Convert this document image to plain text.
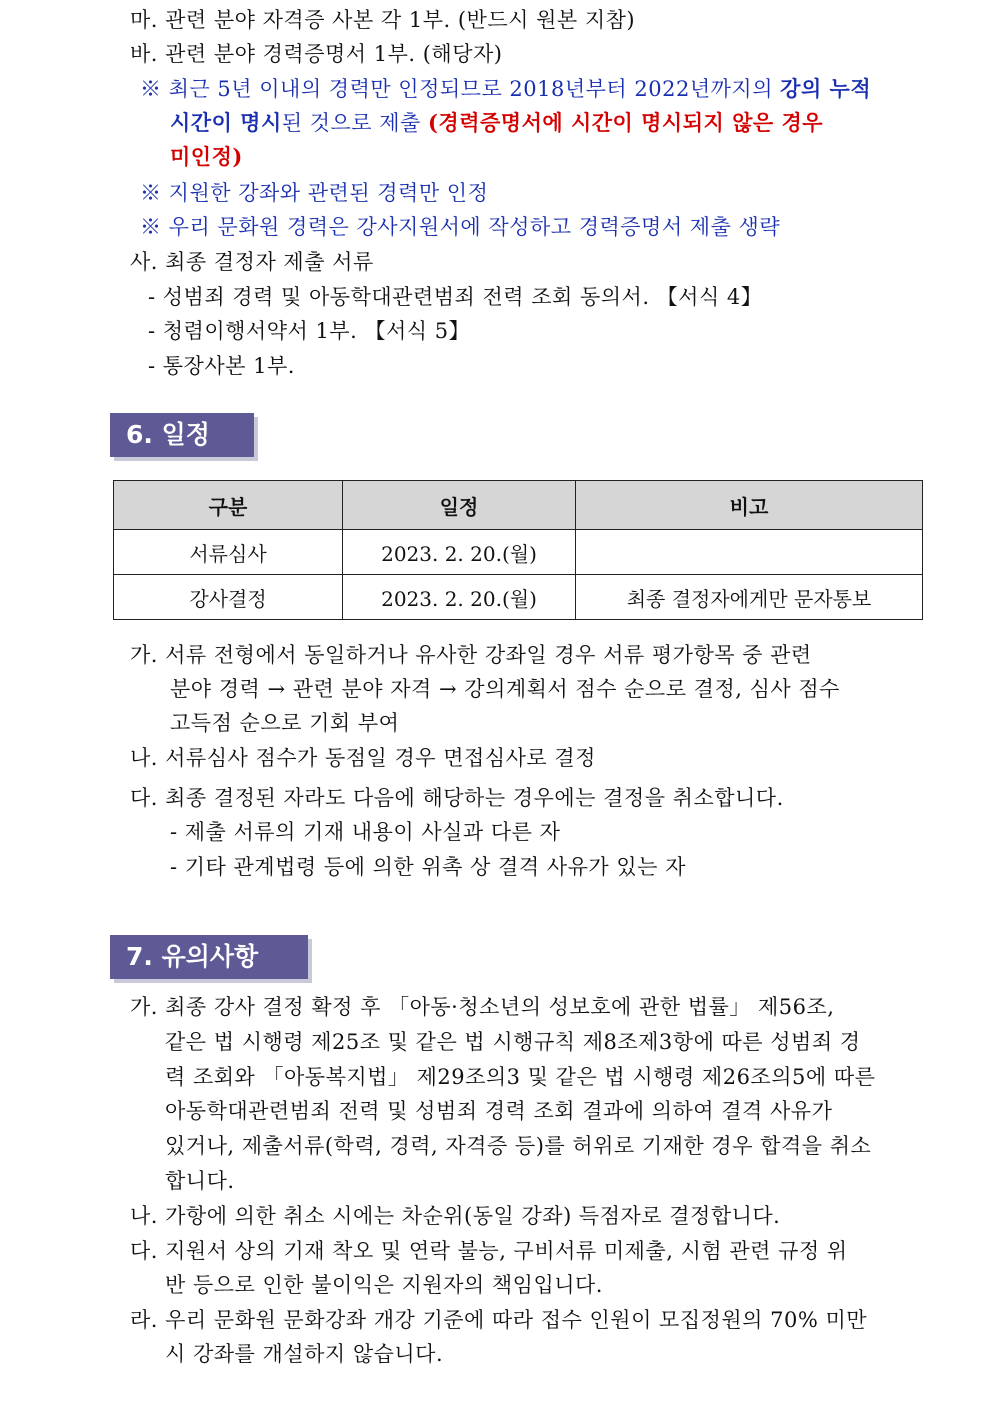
마. 관련 분야 자격증 사본 각 1부. (반드시 원본 지참)
바. 관련 분야 경력증명서 1부. (해당자)
※ 최근 5년 이내의 경력만 인정되므로 2018년부터 2022년까지의 강의 누적
시간이 명시된 것으로 제출 (경력증명서에 시간이 명시되지 않은 경우
미인정)
※ 지원한 강좌와 관련된 경력만 인정
※ 우리 문화원 경력은 강사지원서에 작성하고 경력증명서 제출 생략
사. 최종 결정자 제출 서류
- 성범죄 경력 및 아동학대관련범죄 전력 조회 동의서. 【서식 4】
- 청렴이행서약서 1부. 【서식 5】
- 통장사본 1부.
6. 일정
구분	일정	비고
서류심사	2023. 2. 20.(월)	
강사결정	2023. 2. 20.(월)	최종 결정자에게만 문자통보
가. 서류 전형에서 동일하거나 유사한 강좌일 경우 서류 평가항목 중 관련
분야 경력 → 관련 분야 자격 → 강의계획서 점수 순으로 결정, 심사 점수
고득점 순으로 기회 부여
나. 서류심사 점수가 동점일 경우 면접심사로 결정
다. 최종 결정된 자라도 다음에 해당하는 경우에는 결정을 취소합니다.
- 제출 서류의 기재 내용이 사실과 다른 자
- 기타 관계법령 등에 의한 위촉 상 결격 사유가 있는 자
7. 유의사항
가. 최종 강사 결정 확정 후 「아동·청소년의 성보호에 관한 법률」 제56조,
같은 법 시행령 제25조 및 같은 법 시행규칙 제8조제3항에 따른 성범죄 경
력 조회와 「아동복지법」 제29조의3 및 같은 법 시행령 제26조의5에 따른
아동학대관련범죄 전력 및 성범죄 경력 조회 결과에 의하여 결격 사유가
있거나, 제출서류(학력, 경력, 자격증 등)를 허위로 기재한 경우 합격을 취소
합니다.
나. 가항에 의한 취소 시에는 차순위(동일 강좌) 득점자로 결정합니다.
다. 지원서 상의 기재 착오 및 연락 불능, 구비서류 미제출, 시험 관련 규정 위
반 등으로 인한 불이익은 지원자의 책임입니다.
라. 우리 문화원 문화강좌 개강 기준에 따라 접수 인원이 모집정원의 70% 미만
시 강좌를 개설하지 않습니다.
